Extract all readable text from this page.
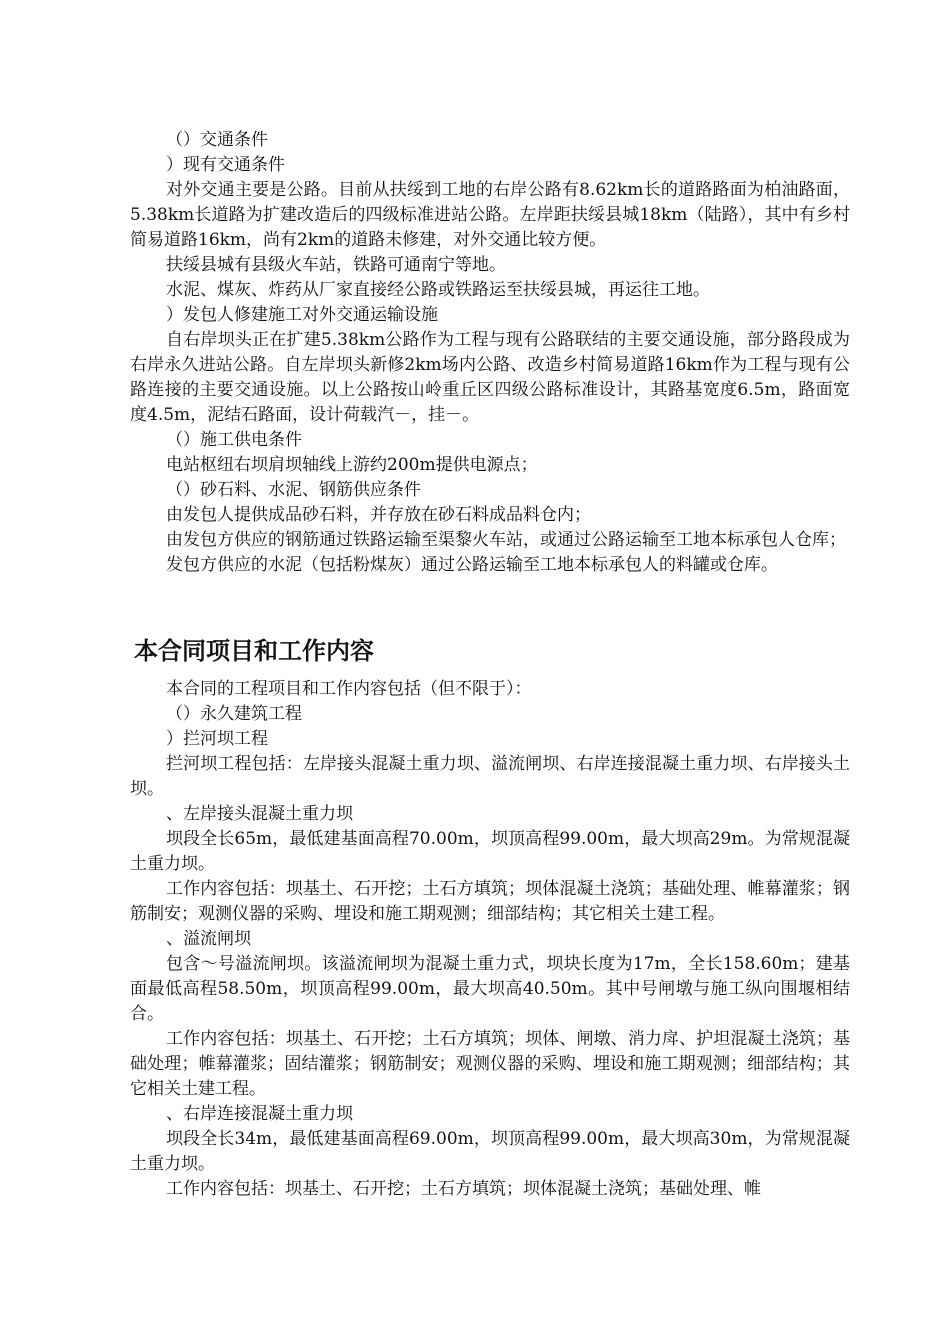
（）交通条件

）现有交通条件

对外交通主要是公路。目前从扶绥到工地的右岸公路有8.62km长的道路路面为柏油路面，5.38km长道路为扩建改造后的四级标准进站公路。左岸距扶绥县城18km（陆路），其中有乡村简易道路16km，尚有2km的道路未修建，对外交通比较方便。

扶绥县城有县级火车站，铁路可通南宁等地。

水泥、煤灰、炸药从厂家直接经公路或铁路运至扶绥县城，再运往工地。

）发包人修建施工对外交通运输设施

自右岸坝头正在扩建5.38km公路作为工程与现有公路联结的主要交通设施，部分路段成为右岸永久进站公路。自左岸坝头新修2km场内公路、改造乡村简易道路16km作为工程与现有公路连接的主要交通设施。以上公路按山岭重丘区四级公路标准设计，其路基宽度6.5m，路面宽度4.5m，泥结石路面，设计荷载汽－，挂－。

（）施工供电条件

电站枢纽右坝肩坝轴线上游约200m提供电源点；

（）砂石料、水泥、钢筋供应条件

由发包人提供成品砂石料，并存放在砂石料成品料仓内；

由发包方供应的钢筋通过铁路运输至渠黎火车站，或通过公路运输至工地本标承包人仓库；

发包方供应的水泥（包括粉煤灰）通过公路运输至工地本标承包人的料罐或仓库。

本合同项目和工作内容

本合同的工程项目和工作内容包括（但不限于）：

（）永久建筑工程

）拦河坝工程

拦河坝工程包括：左岸接头混凝土重力坝、溢流闸坝、右岸连接混凝土重力坝、右岸接头土坝。

、左岸接头混凝土重力坝

坝段全长65m，最低建基面高程70.00m，坝顶高程99.00m，最大坝高29m。为常规混凝土重力坝。

工作内容包括：坝基土、石开挖；土石方填筑；坝体混凝土浇筑；基础处理、帷幕灌浆；钢筋制安；观测仪器的采购、埋设和施工期观测；细部结构；其它相关土建工程。

、溢流闸坝

包含～号溢流闸坝。该溢流闸坝为混凝土重力式，坝块长度为17m，全长158.60m；建基面最低高程58.50m，坝顶高程99.00m，最大坝高40.50m。其中号闸墩与施工纵向围堰相结合。

工作内容包括：坝基土、石开挖；土石方填筑；坝体、闸墩、消力戽、护坦混凝土浇筑；基础处理；帷幕灌浆；固结灌浆；钢筋制安；观测仪器的采购、埋设和施工期观测；细部结构；其它相关土建工程。

、右岸连接混凝土重力坝

坝段全长34m，最低建基面高程69.00m，坝顶高程99.00m，最大坝高30m，为常规混凝土重力坝。

工作内容包括：坝基土、石开挖；土石方填筑；坝体混凝土浇筑；基础处理、帷
